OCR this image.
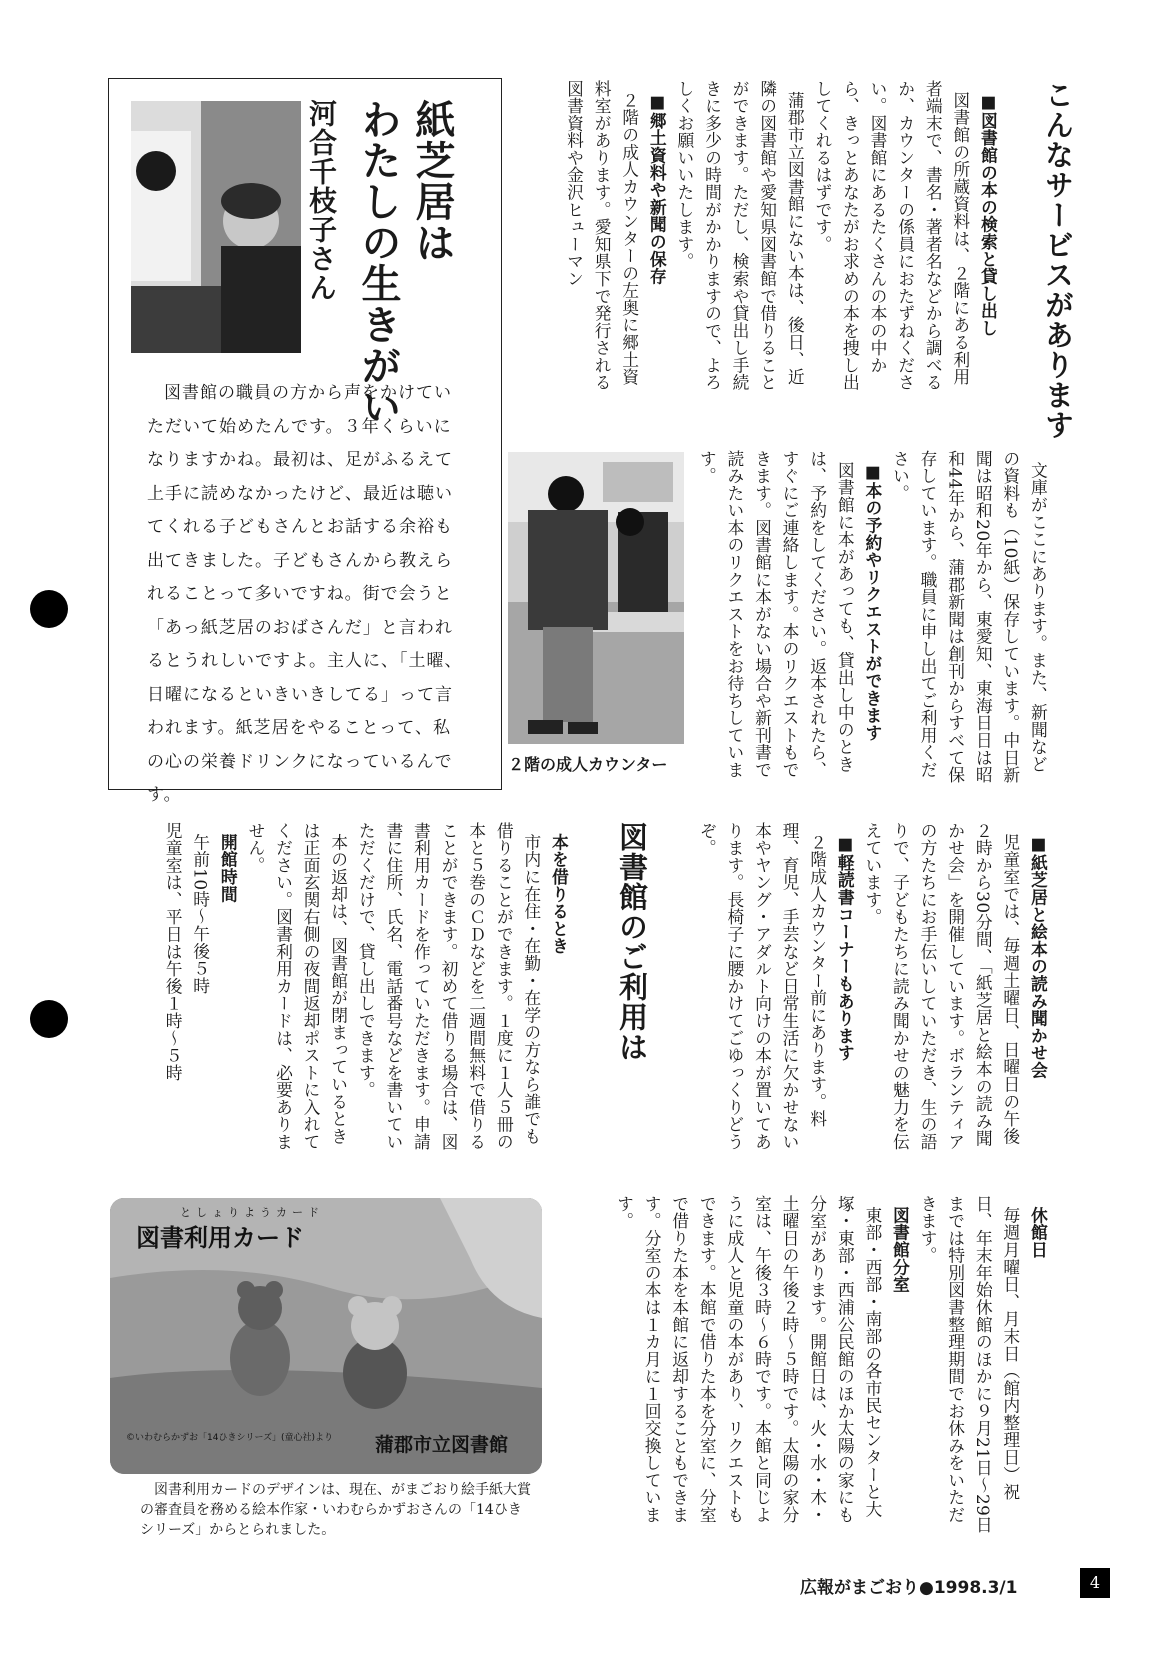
こんなサービスがあります

■図書館の本の検索と貸し出し
図書館の所蔵資料は、２階にある利用者端末で、書名・著者名などから調べるか、カウンターの係員におたずねください。図書館にあるたくさんの本の中から、きっとあなたがお求めの本を捜し出してくれるはずです。
蒲郡市立図書館にない本は、後日、近隣の図書館や愛知県図書館で借りることができます。ただし、検索や貸出し手続きに多少の時間がかかりますので、よろしくお願いいたします。
■郷土資料や新聞の保存
２階の成人カウンターの左奥に郷土資料室があります。愛知県下で発行される図書資料や金沢ヒューマン

文庫がここにあります。また、新聞などの資料も（10紙）保存しています。中日新聞は昭和20年から、東愛知、東海日日は昭和44年から、蒲郡新聞は創刊からすべて保存しています。職員に申し出てご利用ください。
■本の予約やリクエストができます
図書館に本があっても、貸出し中のときは、予約をしてください。返本されたら、すぐにご連絡します。本のリクエストもできます。図書館に本がない場合や新刊書で読みたい本のリクエストをお待ちしています。

２階の成人カウンター
紙芝居は
わたしの生きがい
河合千枝子さん
図書館の職員の方から声をかけていただいて始めたんです。３年くらいになりますかね。最初は、足がふるえて上手に読めなかったけど、最近は聴いてくれる子どもさんとお話する余裕も出てきました。子どもさんから教えられることって多いですね。街で会うと「あっ紙芝居のおばさんだ」と言われるとうれしいですよ。主人に、「土曜、日曜になるといきいきしてる」って言われます。紙芝居をやることって、私の心の栄養ドリンクになっているんです。

■紙芝居と絵本の読み聞かせ会
児童室では、毎週土曜日、日曜日の午後２時から30分間、「紙芝居と絵本の読み聞かせ会」を開催しています。ボランティアの方たちにお手伝いしていただき、生の語りで、子どもたちに読み聞かせの魅力を伝えています。
■軽読書コーナーもあります
２階成人カウンター前にあります。料理、育児、手芸など日常生活に欠かせない本やヤング・アダルト向けの本が置いてあります。長椅子に腰かけてごゆっくりどうぞ。

図書館のご利用は

本を借りるとき
市内に在住・在勤・在学の方なら誰でも借りることができます。１度に１人５冊の本と５巻のＣＤなどを二週間無料で借りることができます。初めて借りる場合は、図書利用カードを作っていただきます。申請書に住所、氏名、電話番号などを書いていただくだけで、貸し出しできます。
本の返却は、図書館が閉まっているときは正面玄関右側の夜間返却ポストに入れてください。図書利用カードは、必要ありません。
開館時間
午前10時～午後５時
児童室は、平日は午後１時～５時

休館日
毎週月曜日、月末日（館内整理日）祝日、年末年始休館のほかに９月21日～29日までは特別図書整理期間でお休みをいただきます。
図書館分室
東部・西部・南部の各市民センターと大塚・東部・西浦公民館のほか太陽の家にも分室があります。開館日は、火・水・木・土曜日の午後２時～５時です。太陽の家分室は、午後３時～６時です。本館と同じように成人と児童の本があり、リクエストもできます。本館で借りた本を分室に、分室で借りた本を本館に返却することもできます。分室の本は１カ月に１回交換しています。

としょりようカード
図書利用カード
©いわむらかずお「14ひきシリーズ」(童心社)より 蒲郡市立図書館
図書利用カードのデザインは、現在、がまごおり絵手紙大賞の審査員を務める絵本作家・いわむらかずおさんの「14ひきシリーズ」からとられました。
広報がまごおり●1998.3/1	4
